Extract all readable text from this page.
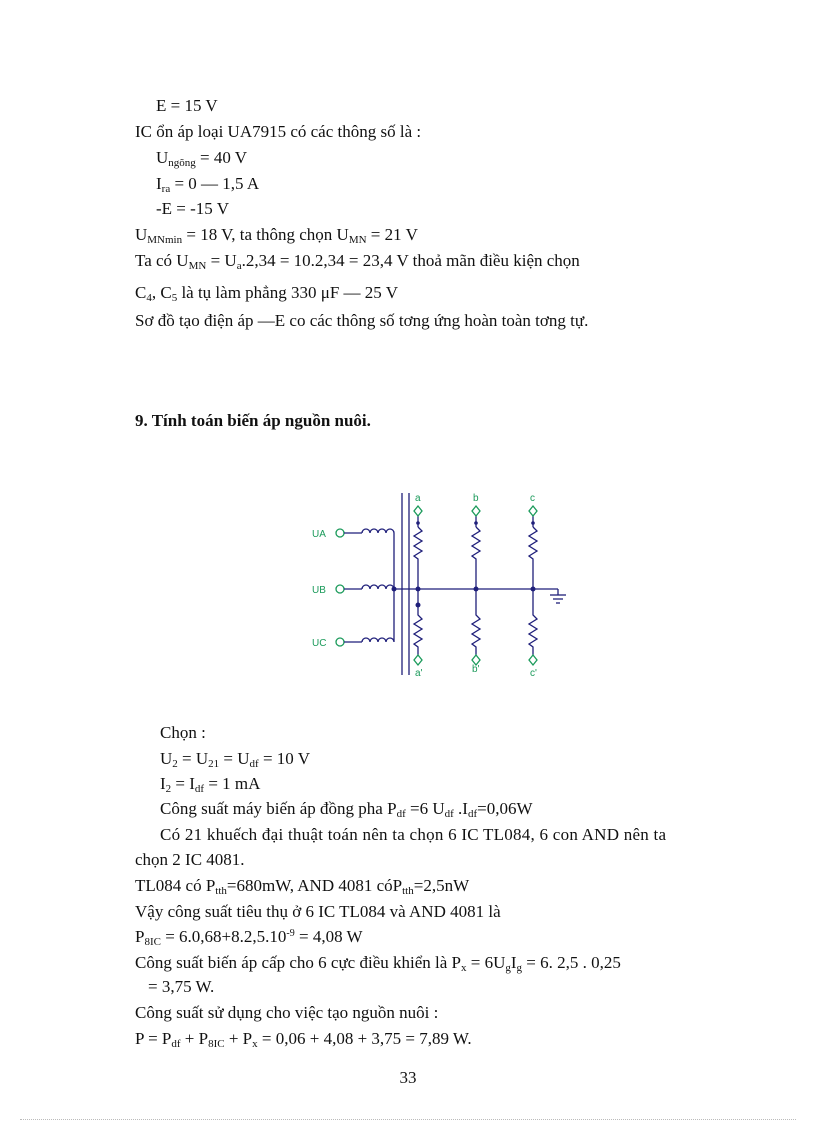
E = 15 V
IC ổn áp loại UA7915 có các thông số là :
$U_{ngõng} = 40$ V
$I_{ra} = 0$ — 1,5 A
-E = -15 V
$U_{MNmin} = 18$ V, ta thông chọn $U_{MN} = 21$ V
Ta có $U_{MN} = U_a.2,34 = 10.2,34 = 23,4$ V thoả mãn điều kiện chọn
$C_4$, $C_5$ là tụ làm phẳng 330 μF — 25 V
Sơ đồ tạo điện áp —E co các thông số tơng ứng hoàn toàn tơng tự.
9. Tính toán biến áp nguồn nuôi.
UA
UB
UC
a	b	c
a'	b'	c'
Chọn :
$U_2 = U_{21} = U_{df} = 10$ V
$I_2 = I_{df} = 1$ mA
Công suất máy biến áp đồng pha $P_{df} =6$ $U_{df}$ $.I_{df}=0,06W$
Có 21 khuếch đại thuật toán nên ta chọn 6 IC TL084, 6 con AND nên ta
chọn 2 IC 4081.
TL084 có $P_{tth}=680mW$, AND 4081 cóP$_{tth}$=2,5nW
Vậy công suất tiêu thụ ở 6 IC TL084 và AND 4081 là
$P_{8IC} = 6.0,68+8.2,5.10^{-9} = 4,08$ W
Công suất biến áp cấp cho 6 cực điều khiển là $P_x = 6U_gI_g = 6$. 2,5 . 0,25
= 3,75 W.
Công suất sử dụng cho việc tạo nguồn nuôi :
$P = P_{df} + P_{8IC} + P_x = 0,06 + 4,08 + 3,75 = 7,89$ W.
33
